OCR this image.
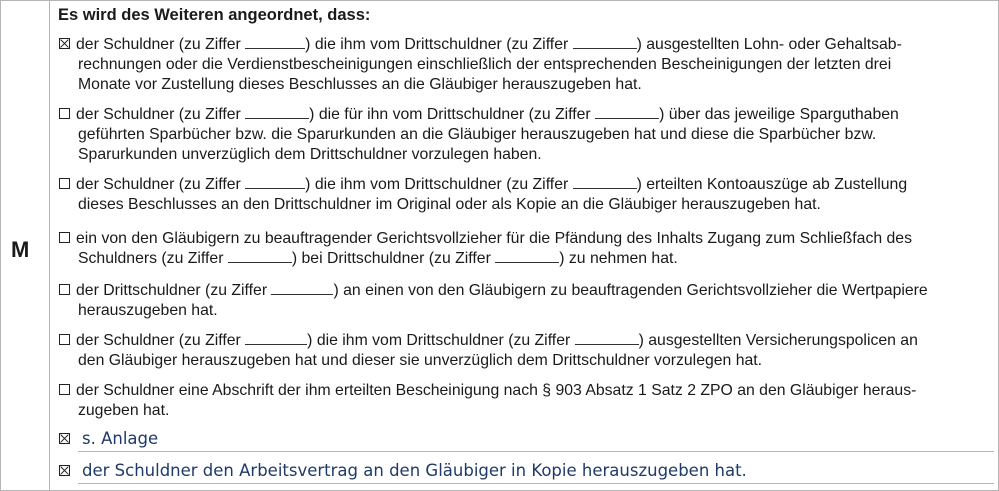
M
Es wird des Weiteren angeordnet, dass:
der Schuldner (zu Ziffer	) die ihm vom Drittschuldner (zu Ziffer	) ausgestellten Lohn- oder Gehaltsab-
rechnungen oder die Verdienstbescheinigungen einschließlich der entsprechenden Bescheinigungen der letzten drei
Monate vor Zustellung dieses Beschlusses an die Gläubiger herauszugeben hat.
der Schuldner (zu Ziffer	) die für ihn vom Drittschuldner (zu Ziffer	) über das jeweilige Sparguthaben
geführten Sparbücher bzw. die Sparurkunden an die Gläubiger herauszugeben hat und diese die Sparbücher bzw.
Sparurkunden unverzüglich dem Drittschuldner vorzulegen haben.
der Schuldner (zu Ziffer	) die ihm vom Drittschuldner (zu Ziffer	) erteilten Kontoauszüge ab Zustellung
dieses Beschlusses an den Drittschuldner im Original oder als Kopie an die Gläubiger herauszugeben hat.
ein von den Gläubigern zu beauftragender Gerichtsvollzieher für die Pfändung des Inhalts Zugang zum Schließfach des
Schuldners (zu Ziffer	) bei Drittschuldner (zu Ziffer	) zu nehmen hat.
der Drittschuldner (zu Ziffer	) an einen von den Gläubigern zu beauftragenden Gerichtsvollzieher die Wertpapiere
herauszugeben hat.
der Schuldner (zu Ziffer	) die ihm vom Drittschuldner (zu Ziffer	) ausgestellten Versicherungspolicen an
den Gläubiger herauszugeben hat und dieser sie unverzüglich dem Drittschuldner vorzulegen hat.
der Schuldner eine Abschrift der ihm erteilten Bescheinigung nach § 903 Absatz 1 Satz 2 ZPO an den Gläubiger heraus-
zugeben hat.
s. Anlage
der Schuldner den Arbeitsvertrag an den Gläubiger in Kopie herauszugeben hat.
